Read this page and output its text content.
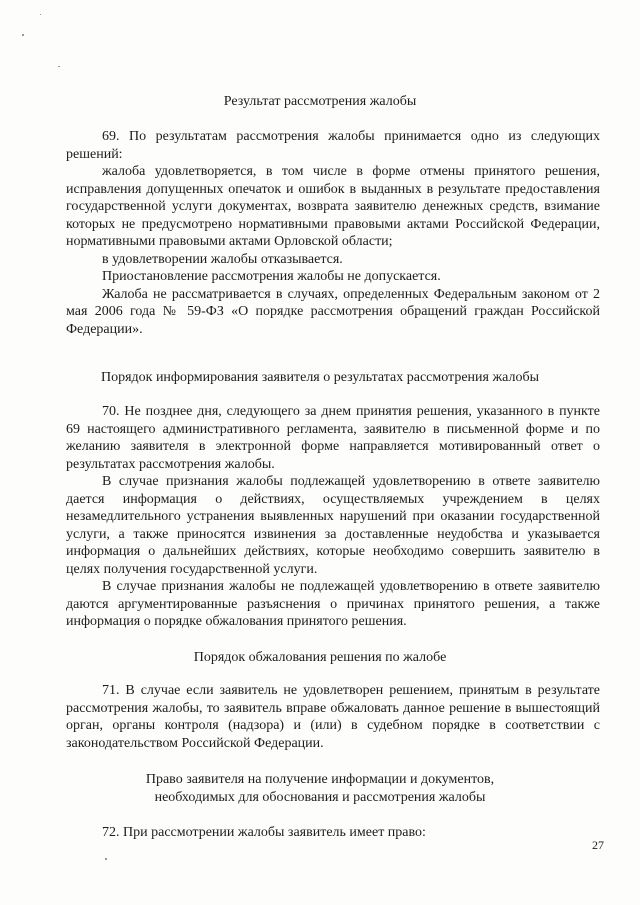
Результат рассмотрения жалобы

69. По результатам рассмотрения жалобы принимается одно из следующих решений:

жалоба удовлетворяется, в том числе в форме отмены принятого решения, исправления допущенных опечаток и ошибок в выданных в результате предоставления государственной услуги документах, возврата заявителю денежных средств, взимание которых не предусмотрено нормативными правовыми актами Российской Федерации, нормативными правовыми актами Орловской области;

в удовлетворении жалобы отказывается.

Приостановление рассмотрения жалобы не допускается.

Жалоба не рассматривается в случаях, определенных Федеральным законом от 2 мая 2006 года № 59-ФЗ «О порядке рассмотрения обращений граждан Российской Федерации».

Порядок информирования заявителя о результатах рассмотрения жалобы

70. Не позднее дня, следующего за днем принятия решения, указанного в пункте 69 настоящего административного регламента, заявителю в письменной форме и по желанию заявителя в электронной форме направляется мотивированный ответ о результатах рассмотрения жалобы.

В случае признания жалобы подлежащей удовлетворению в ответе заявителю дается информация о действиях, осуществляемых учреждением в целях незамедлительного устранения выявленных нарушений при оказании государственной услуги, а также приносятся извинения за доставленные неудобства и указывается информация о дальнейших действиях, которые необходимо совершить заявителю в целях получения государственной услуги.

В случае признания жалобы не подлежащей удовлетворению в ответе заявителю даются аргументированные разъяснения о причинах принятого решения, а также информация о порядке обжалования принятого решения.

Порядок обжалования решения по жалобе

71. В случае если заявитель не удовлетворен решением, принятым в результате рассмотрения жалобы, то заявитель вправе обжаловать данное решение в вышестоящий орган, органы контроля (надзора) и (или) в судебном порядке в соответствии с законодательством Российской Федерации.

Право заявителя на получение информации и документов,
необходимых для обоснования и рассмотрения жалобы

72. При рассмотрении жалобы заявитель имеет право:

27
